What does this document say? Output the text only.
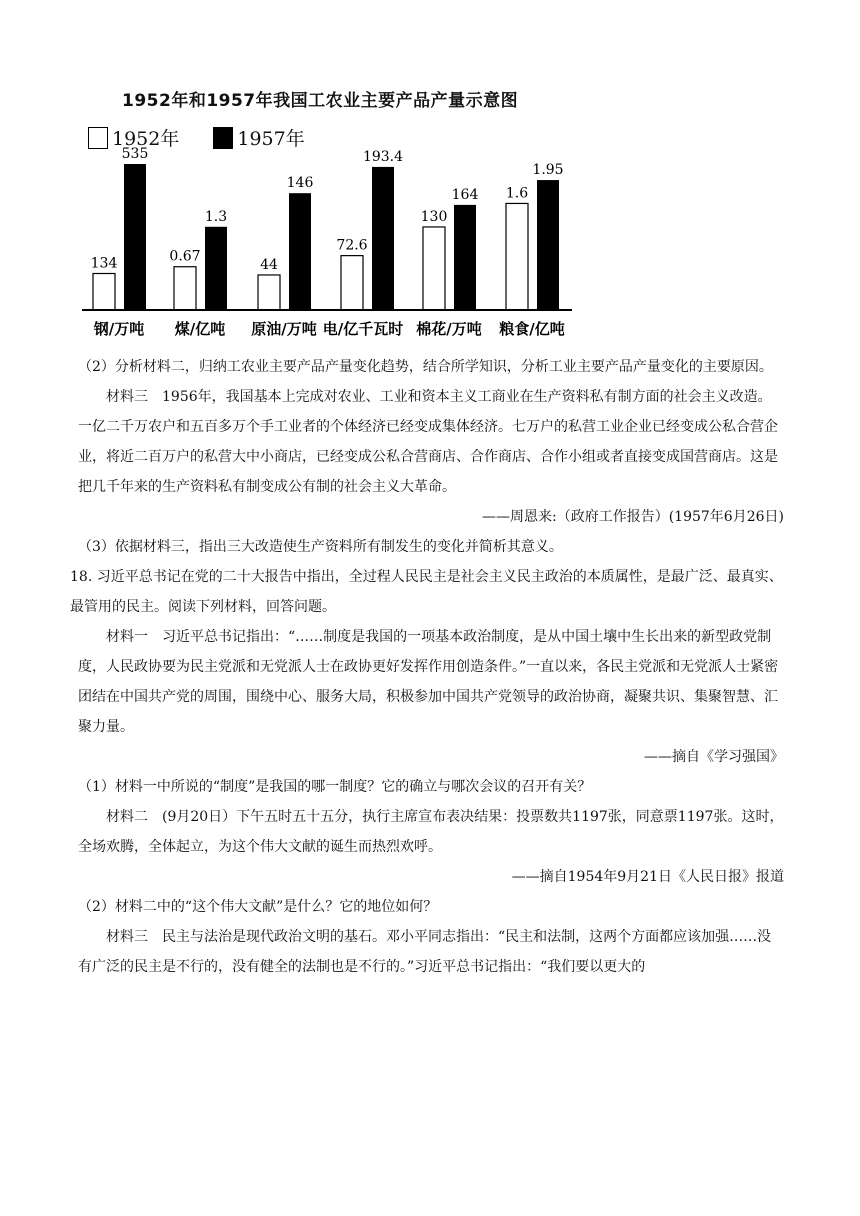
1952年和1957年我国工农业主要产品产量示意图
1952年	1957年
134
535
钢/万吨
0.67
1.3
煤/亿吨
44
146
原油/万吨
72.6
193.4
电/亿千瓦时
130
164
棉花/万吨
1.6
1.95
粮食/亿吨

（2）分析材料二，归纳工农业主要产品产量变化趋势，结合所学知识，分析工业主要产品产量变化的主要原因。

材料三　1956年，我国基本上完成对农业、工业和资本主义工商业在生产资料私有制方面的社会主义改造。一亿二千万农户和五百多万个手工业者的个体经济已经变成集体经济。七万户的私营工业企业已经变成公私合营企业，将近二百万户的私营大中小商店，已经变成公私合营商店、合作商店、合作小组或者直接变成国营商店。这是把几千年来的生产资料私有制变成公有制的社会主义大革命。

——周恩来:（政府工作报告）(1957年6月26日)

（3）依据材料三，指出三大改造使生产资料所有制发生的变化并简析其意义。

18. 习近平总书记在党的二十大报告中指出，全过程人民民主是社会主义民主政治的本质属性，是最广泛、最真实、最管用的民主。阅读下列材料，回答问题。

材料一　习近平总书记指出：“……制度是我国的一项基本政治制度，是从中国土壤中生长出来的新型政党制度，人民政协要为民主党派和无党派人士在政协更好发挥作用创造条件。”一直以来，各民主党派和无党派人士紧密团结在中国共产党的周围，围绕中心、服务大局，积极参加中国共产党领导的政治协商，凝聚共识、集聚智慧、汇聚力量。

——摘自《学习强国》

（1）材料一中所说的“制度”是我国的哪一制度？它的确立与哪次会议的召开有关？

材料二　(9月20日）下午五时五十五分，执行主席宣布表决结果：投票数共1197张，同意票1197张。这时，全场欢腾，全体起立，为这个伟大文献的诞生而热烈欢呼。

——摘自1954年9月21日《人民日报》报道

（2）材料二中的“这个伟大文献”是什么？它的地位如何？

材料三　民主与法治是现代政治文明的基石。邓小平同志指出：“民主和法制，这两个方面都应该加强……没有广泛的民主是不行的，没有健全的法制也是不行的。”习近平总书记指出：“我们要以更大的
